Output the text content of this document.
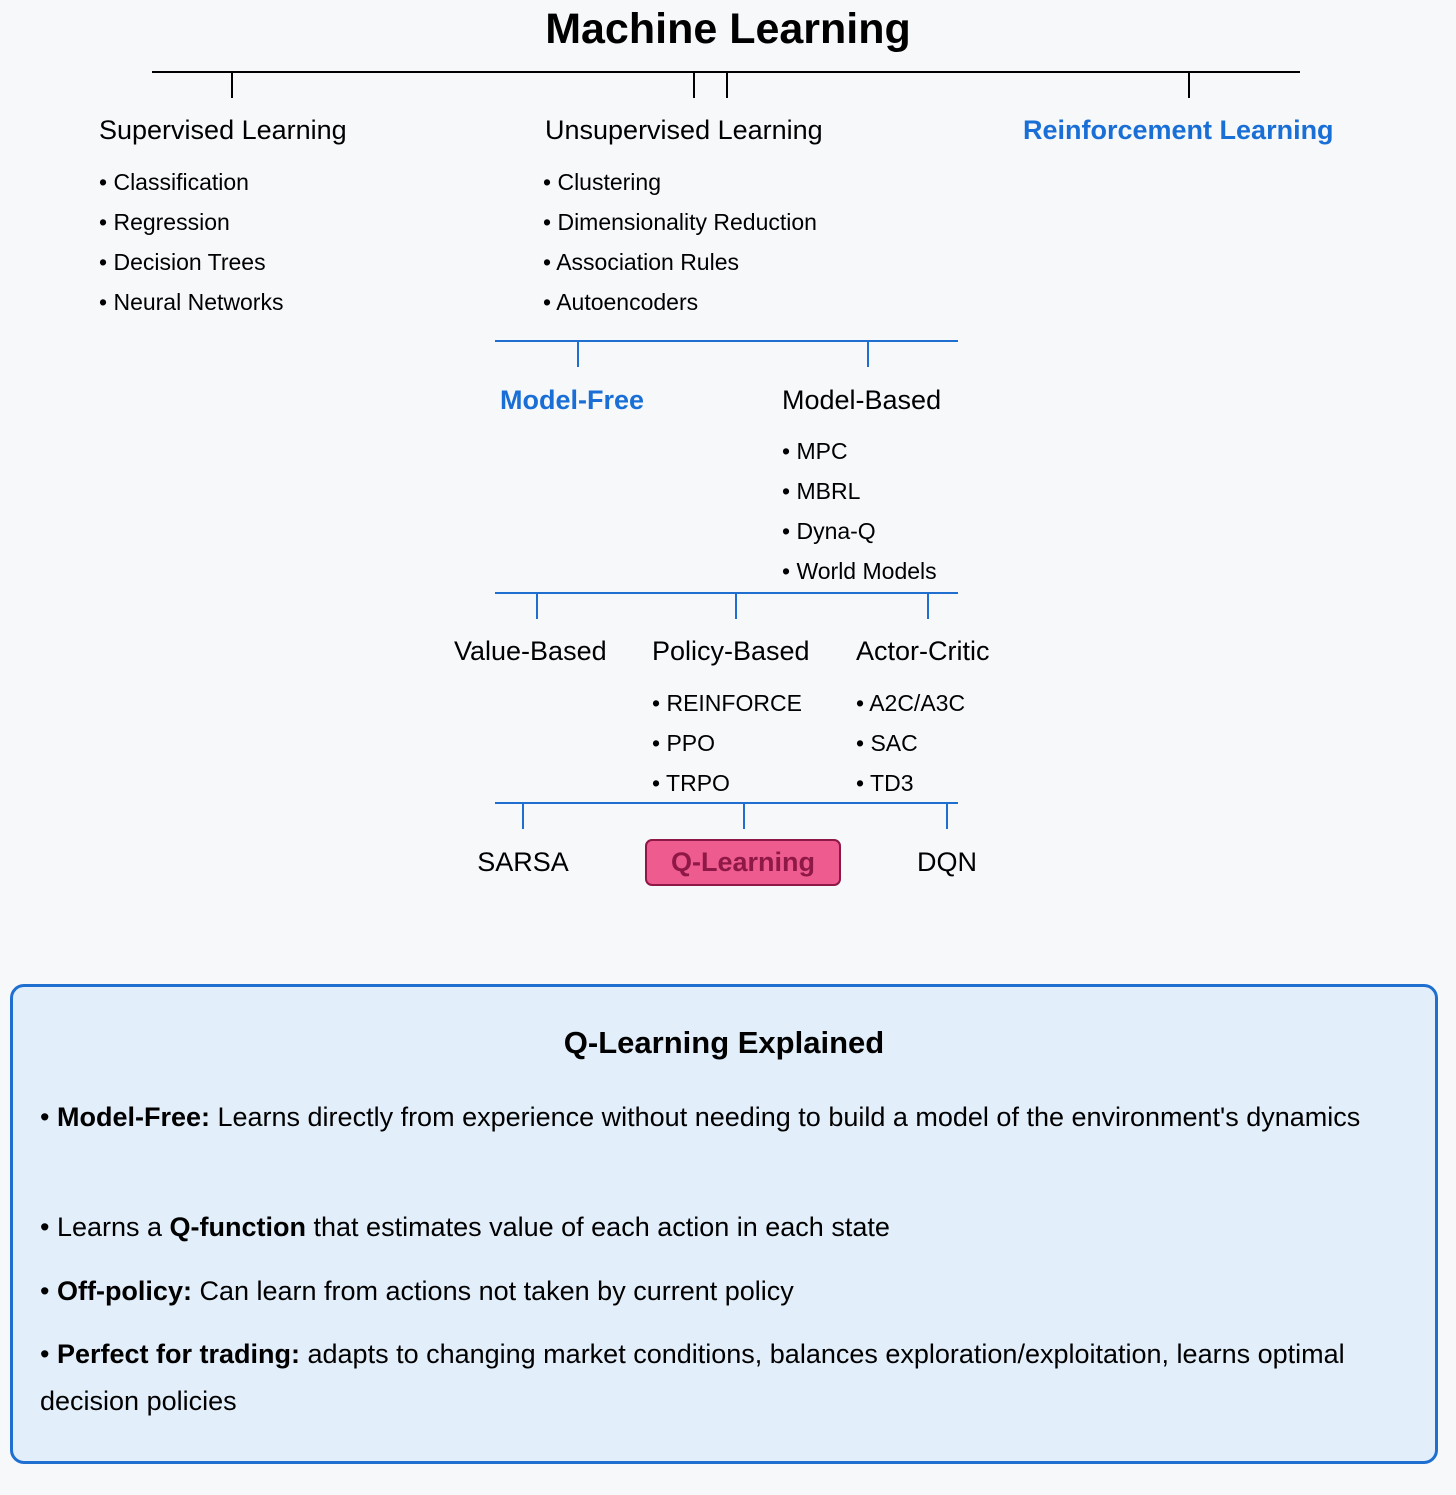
Machine Learning
Supervised Learning
• Classification
• Regression
• Decision Trees
• Neural Networks
Unsupervised Learning
• Clustering
• Dimensionality Reduction
• Association Rules
• Autoencoders
Reinforcement Learning
Model-Free	Model-Based
• MPC
• MBRL
• Dyna-Q
• World Models
Value-Based Policy-Based
• REINFORCE
• PPO
• TRPO
Actor-Critic
• A2C/A3C
• SAC
• TD3
SARSA	Q-Learning	DQN
Q-Learning Explained

• Model-Free: Learns directly from experience without needing to build a model of the environment's dynamics

• Learns a Q-function that estimates value of each action in each state

• Off-policy: Can learn from actions not taken by current policy

• Perfect for trading: adapts to changing market conditions, balances exploration/exploitation, learns optimal decision policies
